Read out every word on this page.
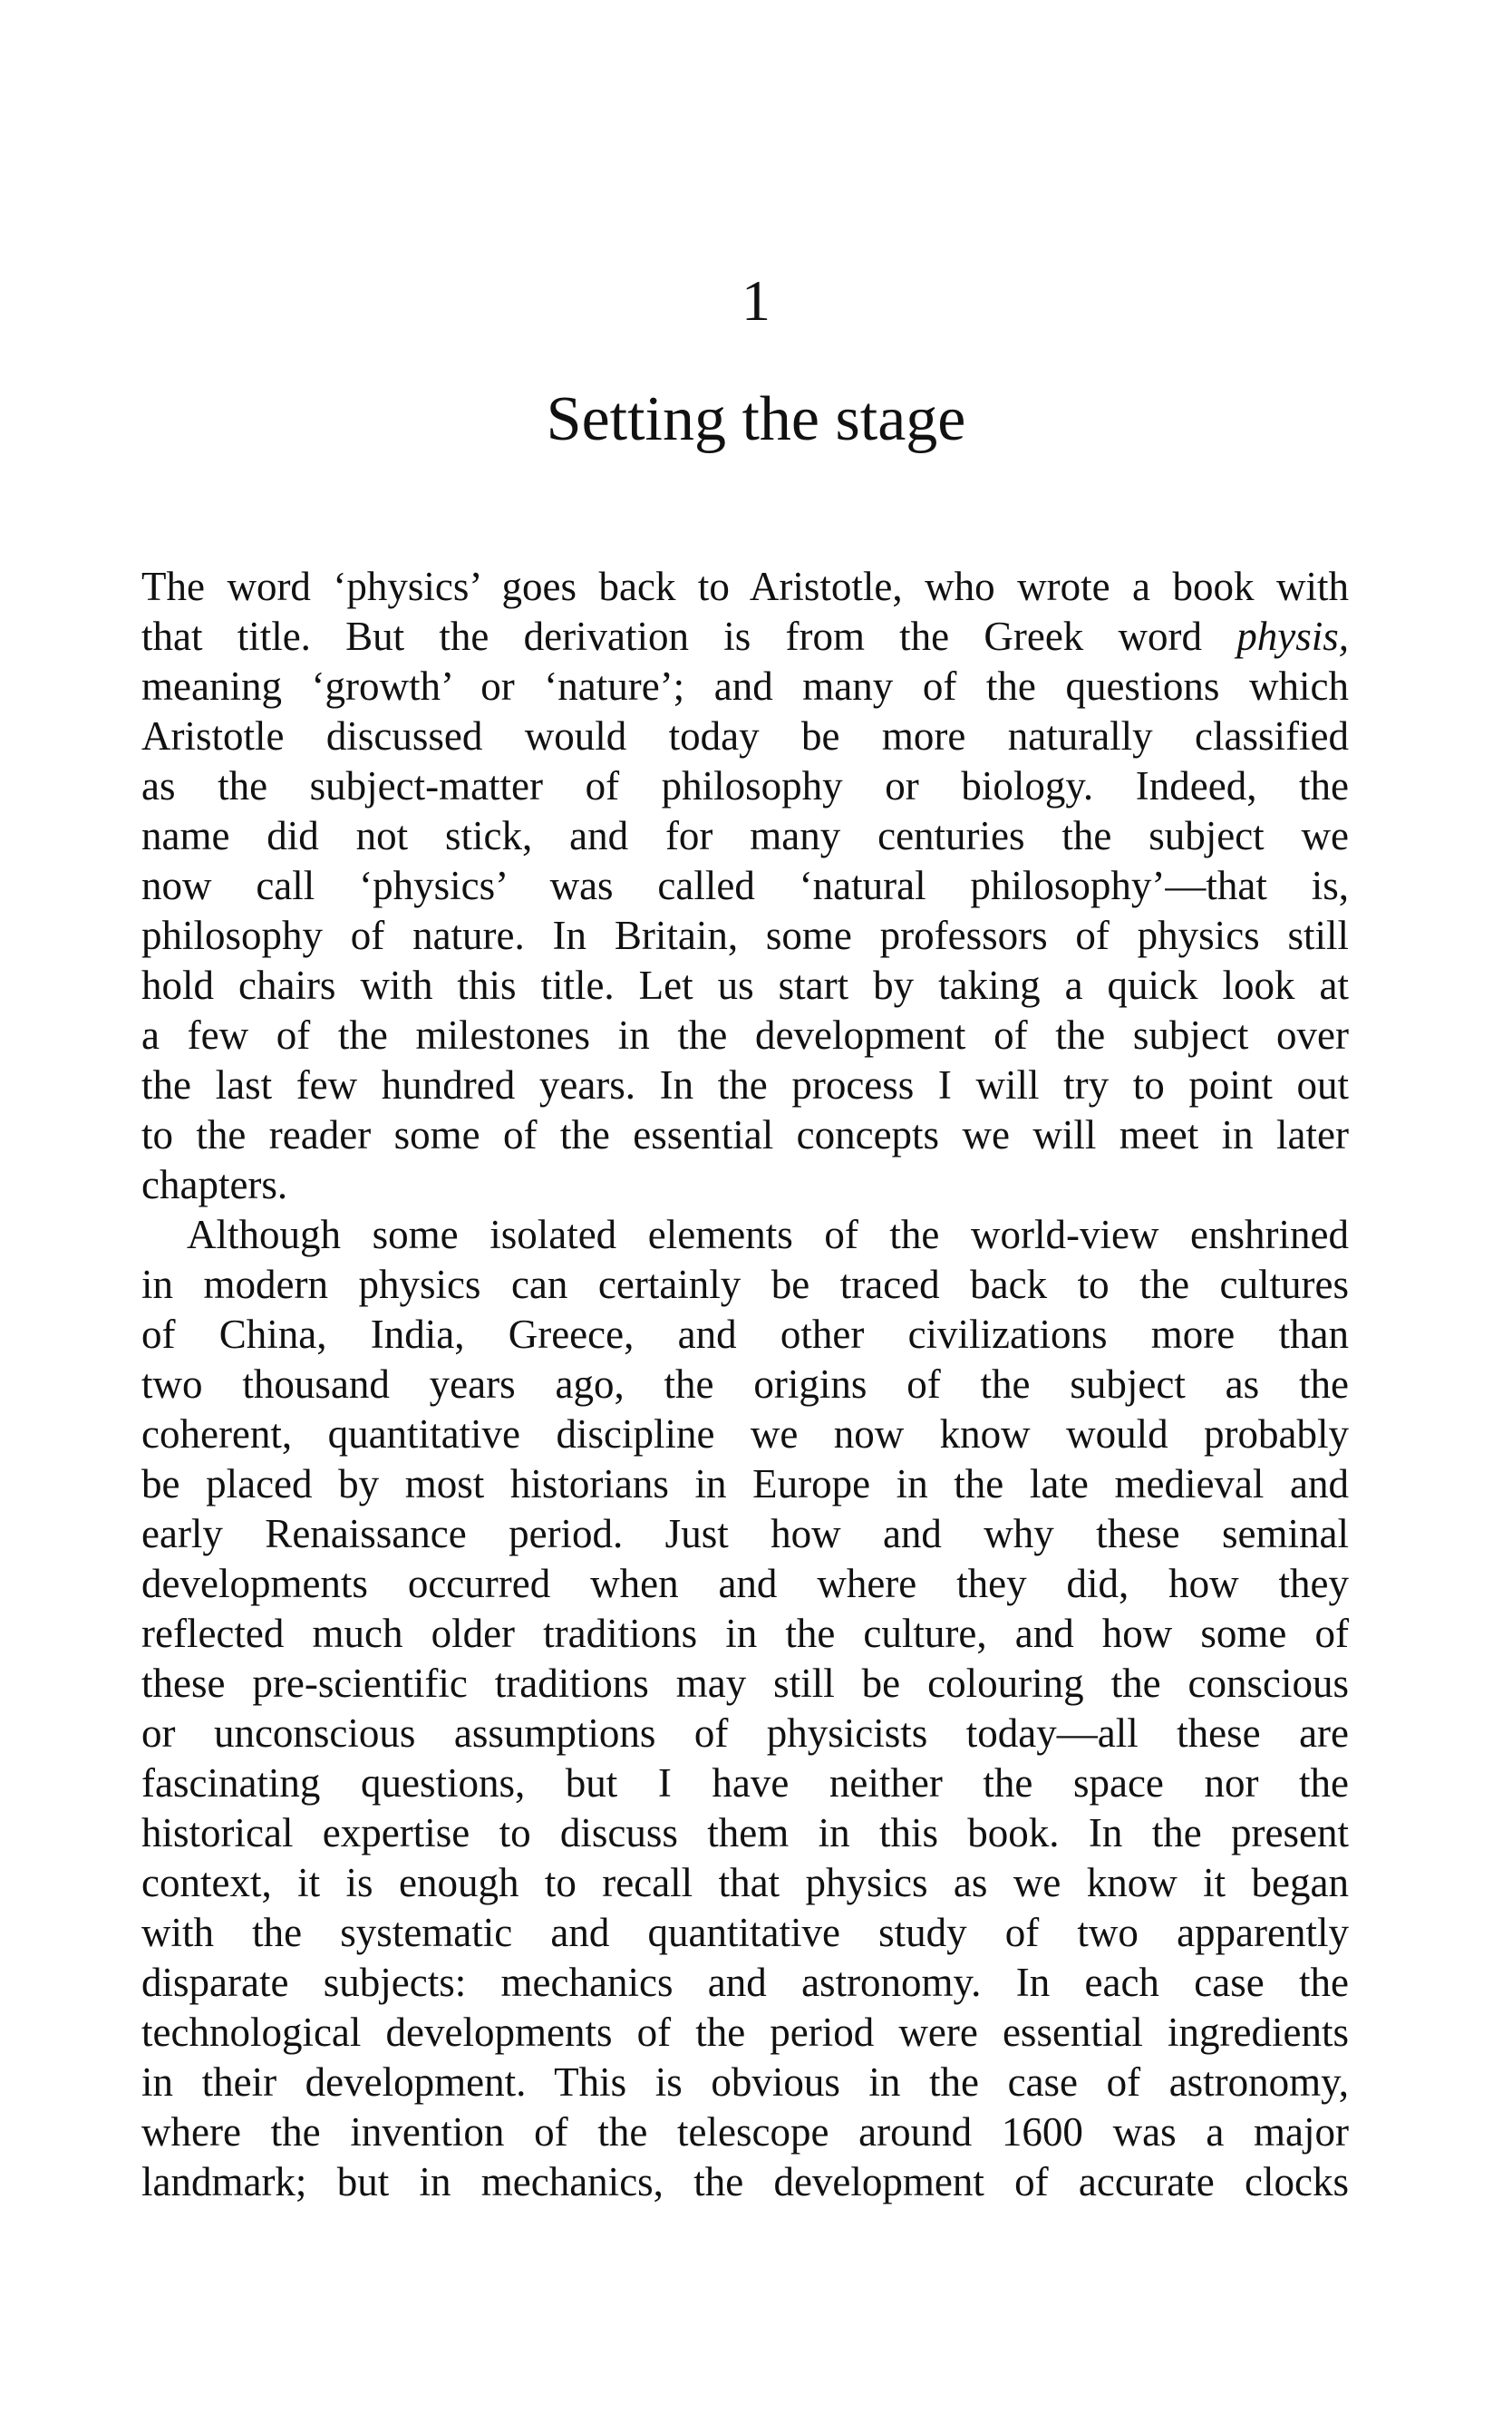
1
Setting the stage
The word ‘physics’ goes back to Aristotle, who wrote a book with
that title. But the derivation is from the Greek word physis,
meaning ‘growth’ or ‘nature’; and many of the questions which
Aristotle discussed would today be more naturally classified
as the subject-matter of philosophy or biology. Indeed, the
name did not stick, and for many centuries the subject we
now call ‘physics’ was called ‘natural philosophy’—that is,
philosophy of nature. In Britain, some professors of physics still
hold chairs with this title. Let us start by taking a quick look at
a few of the milestones in the development of the subject over
the last few hundred years. In the process I will try to point out
to the reader some of the essential concepts we will meet in later
chapters.
Although some isolated elements of the world-view enshrined
in modern physics can certainly be traced back to the cultures
of China, India, Greece, and other civilizations more than
two thousand years ago, the origins of the subject as the
coherent, quantitative discipline we now know would probably
be placed by most historians in Europe in the late medieval and
early Renaissance period. Just how and why these seminal
developments occurred when and where they did, how they
reflected much older traditions in the culture, and how some of
these pre-scientific traditions may still be colouring the conscious
or unconscious assumptions of physicists today—all these are
fascinating questions, but I have neither the space nor the
historical expertise to discuss them in this book. In the present
context, it is enough to recall that physics as we know it began
with the systematic and quantitative study of two apparently
disparate subjects: mechanics and astronomy. In each case the
technological developments of the period were essential ingredients
in their development. This is obvious in the case of astronomy,
where the invention of the telescope around 1600 was a major
landmark; but in mechanics, the development of accurate clocks
